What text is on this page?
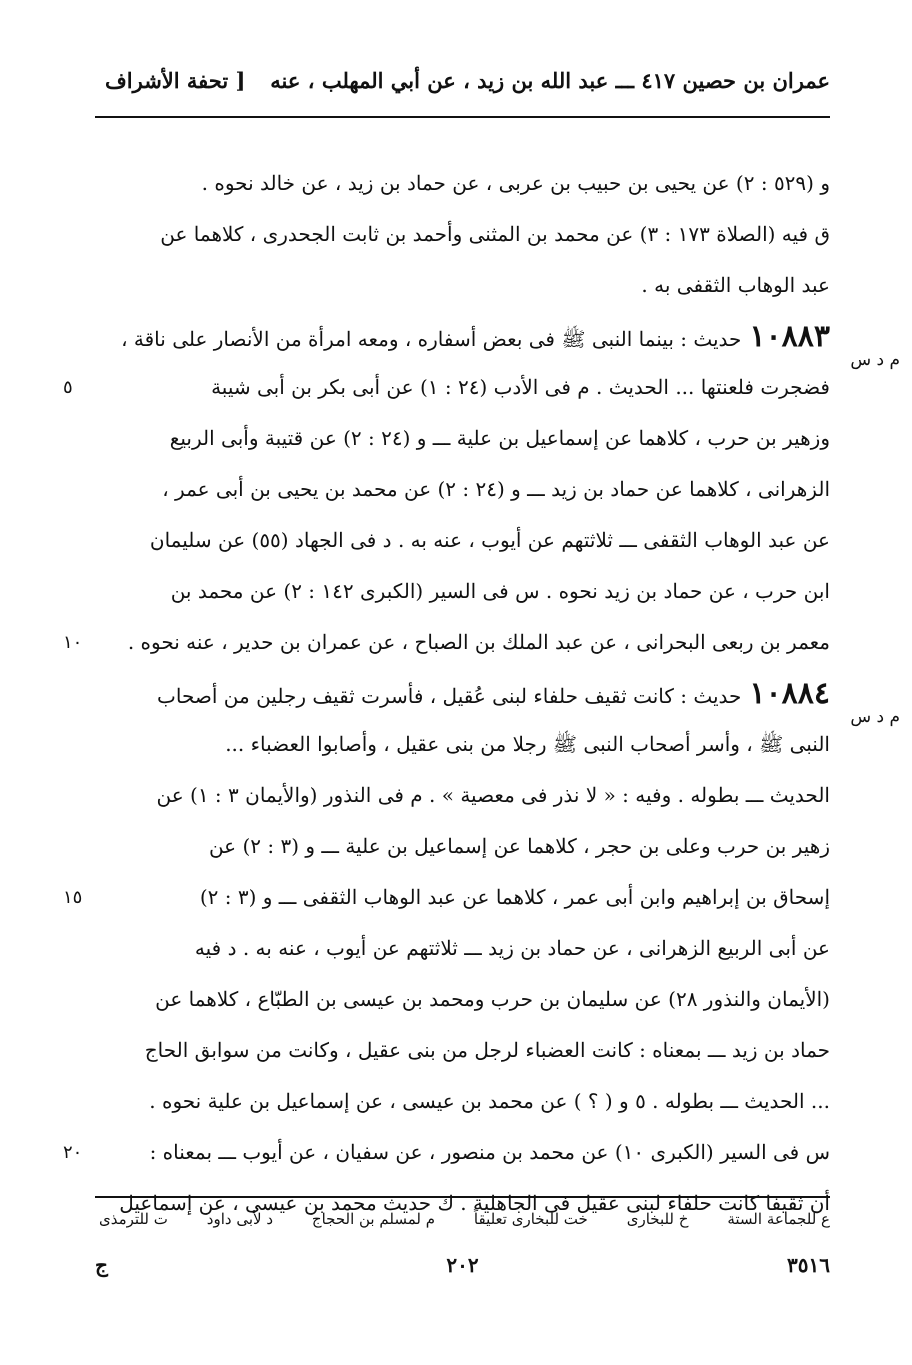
عمران بن حصين ٤١٧ ـــ عبد الله بن زيد ، عن أبي المهلب ، عنه
[ تحفة الأشراف
و (٥٢٩ : ٢) عن يحيى بن حبيب بن عربى ، عن حماد بن زيد ، عن خالد نحوه .
ق فيه (الصلاة ١٧٣ : ٣) عن محمد بن المثنى وأحمد بن ثابت الجحدرى ، كلاهما عن
عبد الوهاب الثقفى به .
١٠٨٨٣حديث : بينما النبى ﷺ فى بعض أسفاره ، ومعه امرأة من الأنصار على ناقة ،
م د س
فضجرت فلعنتها ... الحديث . م فى الأدب (٢٤ : ١) عن أبى بكر بن أبى شيبة
٥
وزهير بن حرب ، كلاهما عن إسماعيل بن علية ـــ و (٢٤ : ٢) عن قتيبة وأبى الربيع
الزهرانى ، كلاهما عن حماد بن زيد ـــ و (٢٤ : ٢) عن محمد بن يحيى بن أبى عمر ،
عن عبد الوهاب الثقفى ـــ ثلاثتهم عن أيوب ، عنه به . د فى الجهاد (٥٥) عن سليمان
ابن حرب ، عن حماد بن زيد نحوه . س فى السير (الكبرى ١٤٢ : ٢) عن محمد بن
معمر بن ربعى البحرانى ، عن عبد الملك بن الصباح ، عن عمران بن حدير ، عنه نحوه .
١٠
١٠٨٨٤حديث : كانت ثقيف حلفاء لبنى عُقيل ، فأسرت ثقيف رجلين من أصحاب
م د س
النبى ﷺ ، وأسر أصحاب النبى ﷺ رجلا من بنى عقيل ، وأصابوا العضباء ...
الحديث ـــ بطوله . وفيه : « لا نذر فى معصية » . م فى النذور (والأيمان ٣ : ١) عن
زهير بن حرب وعلى بن حجر ، كلاهما عن إسماعيل بن علية ـــ و (٣ : ٢) عن
إسحاق بن إبراهيم وابن أبى عمر ، كلاهما عن عبد الوهاب الثقفى ـــ و (٣ : ٢)
١٥
عن أبى الربيع الزهرانى ، عن حماد بن زيد ـــ ثلاثتهم عن أيوب ، عنه به . د فيه
(الأيمان والنذور ٢٨) عن سليمان بن حرب ومحمد بن عيسى بن الطبّاع ، كلاهما عن
حماد بن زيد ـــ بمعناه : كانت العضباء لرجل من بنى عقيل ، وكانت من سوابق الحاج
... الحديث ـــ بطوله . ٥ و ( ؟ ) عن محمد بن عيسى ، عن إسماعيل بن علية نحوه .
س فى السير (الكبرى ١٠) عن محمد بن منصور ، عن سفيان ، عن أيوب ـــ بمعناه :
٢٠
أن ثقيفا كانت حلفاء لبنى عقيل فى الجاهلية . ك حديث محمد بن عيسى ، عن إسماعيل
ع للجماعة الستة
خ للبخارى
خت للبخارى تعليقاً
م لمسلم بن الحجاج
د لأبى داود
ت للترمذى
٣٥١٦
٢٠٢
ج
